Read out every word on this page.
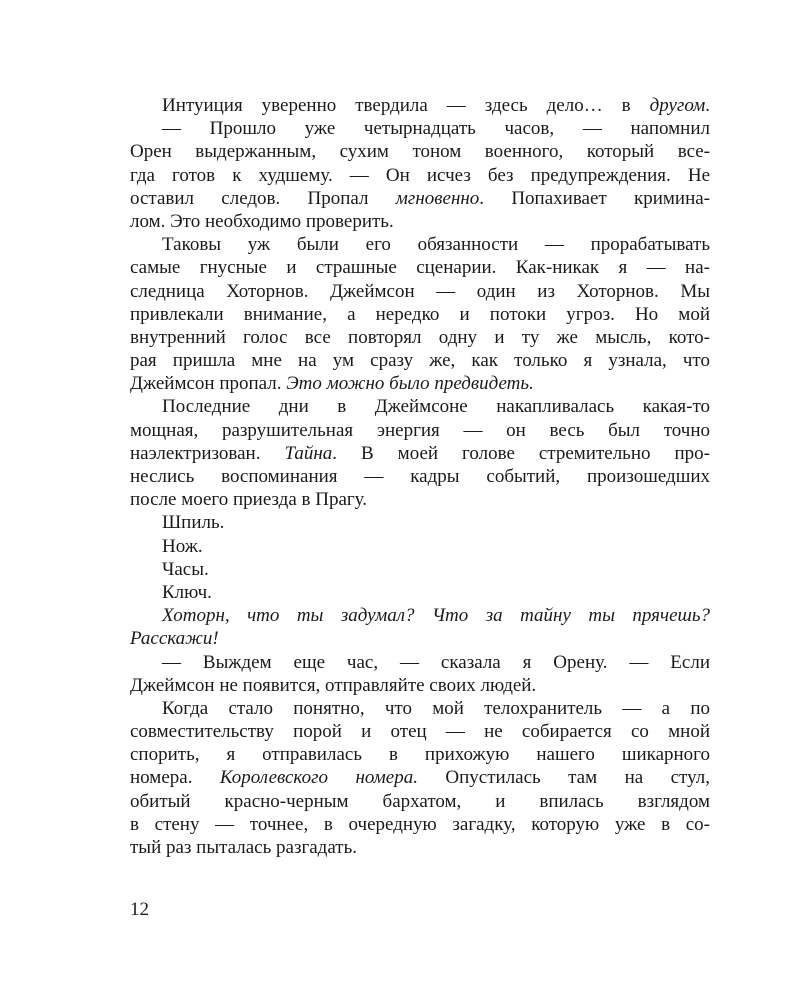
Интуиция уверенно твердила — здесь дело… в другом.
— Прошло уже четырнадцать часов, — напомнил
Орен выдержанным, сухим тоном военного, который все-
гда готов к худшему. — Он исчез без предупреждения. Не
оставил следов. Пропал мгновенно. Попахивает кримина-
лом. Это необходимо проверить.
Таковы уж были его обязанности — прорабатывать
самые гнусные и страшные сценарии. Как-никак я — на-
следница Хоторнов. Джеймсон — один из Хоторнов. Мы
привлекали внимание, а нередко и потоки угроз. Но мой
внутренний голос все повторял одну и ту же мысль, кото-
рая пришла мне на ум сразу же, как только я узнала, что
Джеймсон пропал. Это можно было предвидеть.
Последние дни в Джеймсоне накапливалась какая-то
мощная, разрушительная энергия — он весь был точно
наэлектризован. Тайна. В моей голове стремительно про-
неслись воспоминания — кадры событий, произошедших
после моего приезда в Прагу.
Шпиль.
Нож.
Часы.
Ключ.
Хоторн, что ты задумал? Что за тайну ты прячешь?
Расскажи!
— Выждем еще час, — сказала я Орену. — Если
Джеймсон не появится, отправляйте своих людей.
Когда стало понятно, что мой телохранитель — а по
совместительству порой и отец — не собирается со мной
спорить, я отправилась в прихожую нашего шикарного
номера. Королевского номера. Опустилась там на стул,
обитый красно-черным бархатом, и впилась взглядом
в стену — точнее, в очередную загадку, которую уже в со-
тый раз пыталась разгадать.
12
